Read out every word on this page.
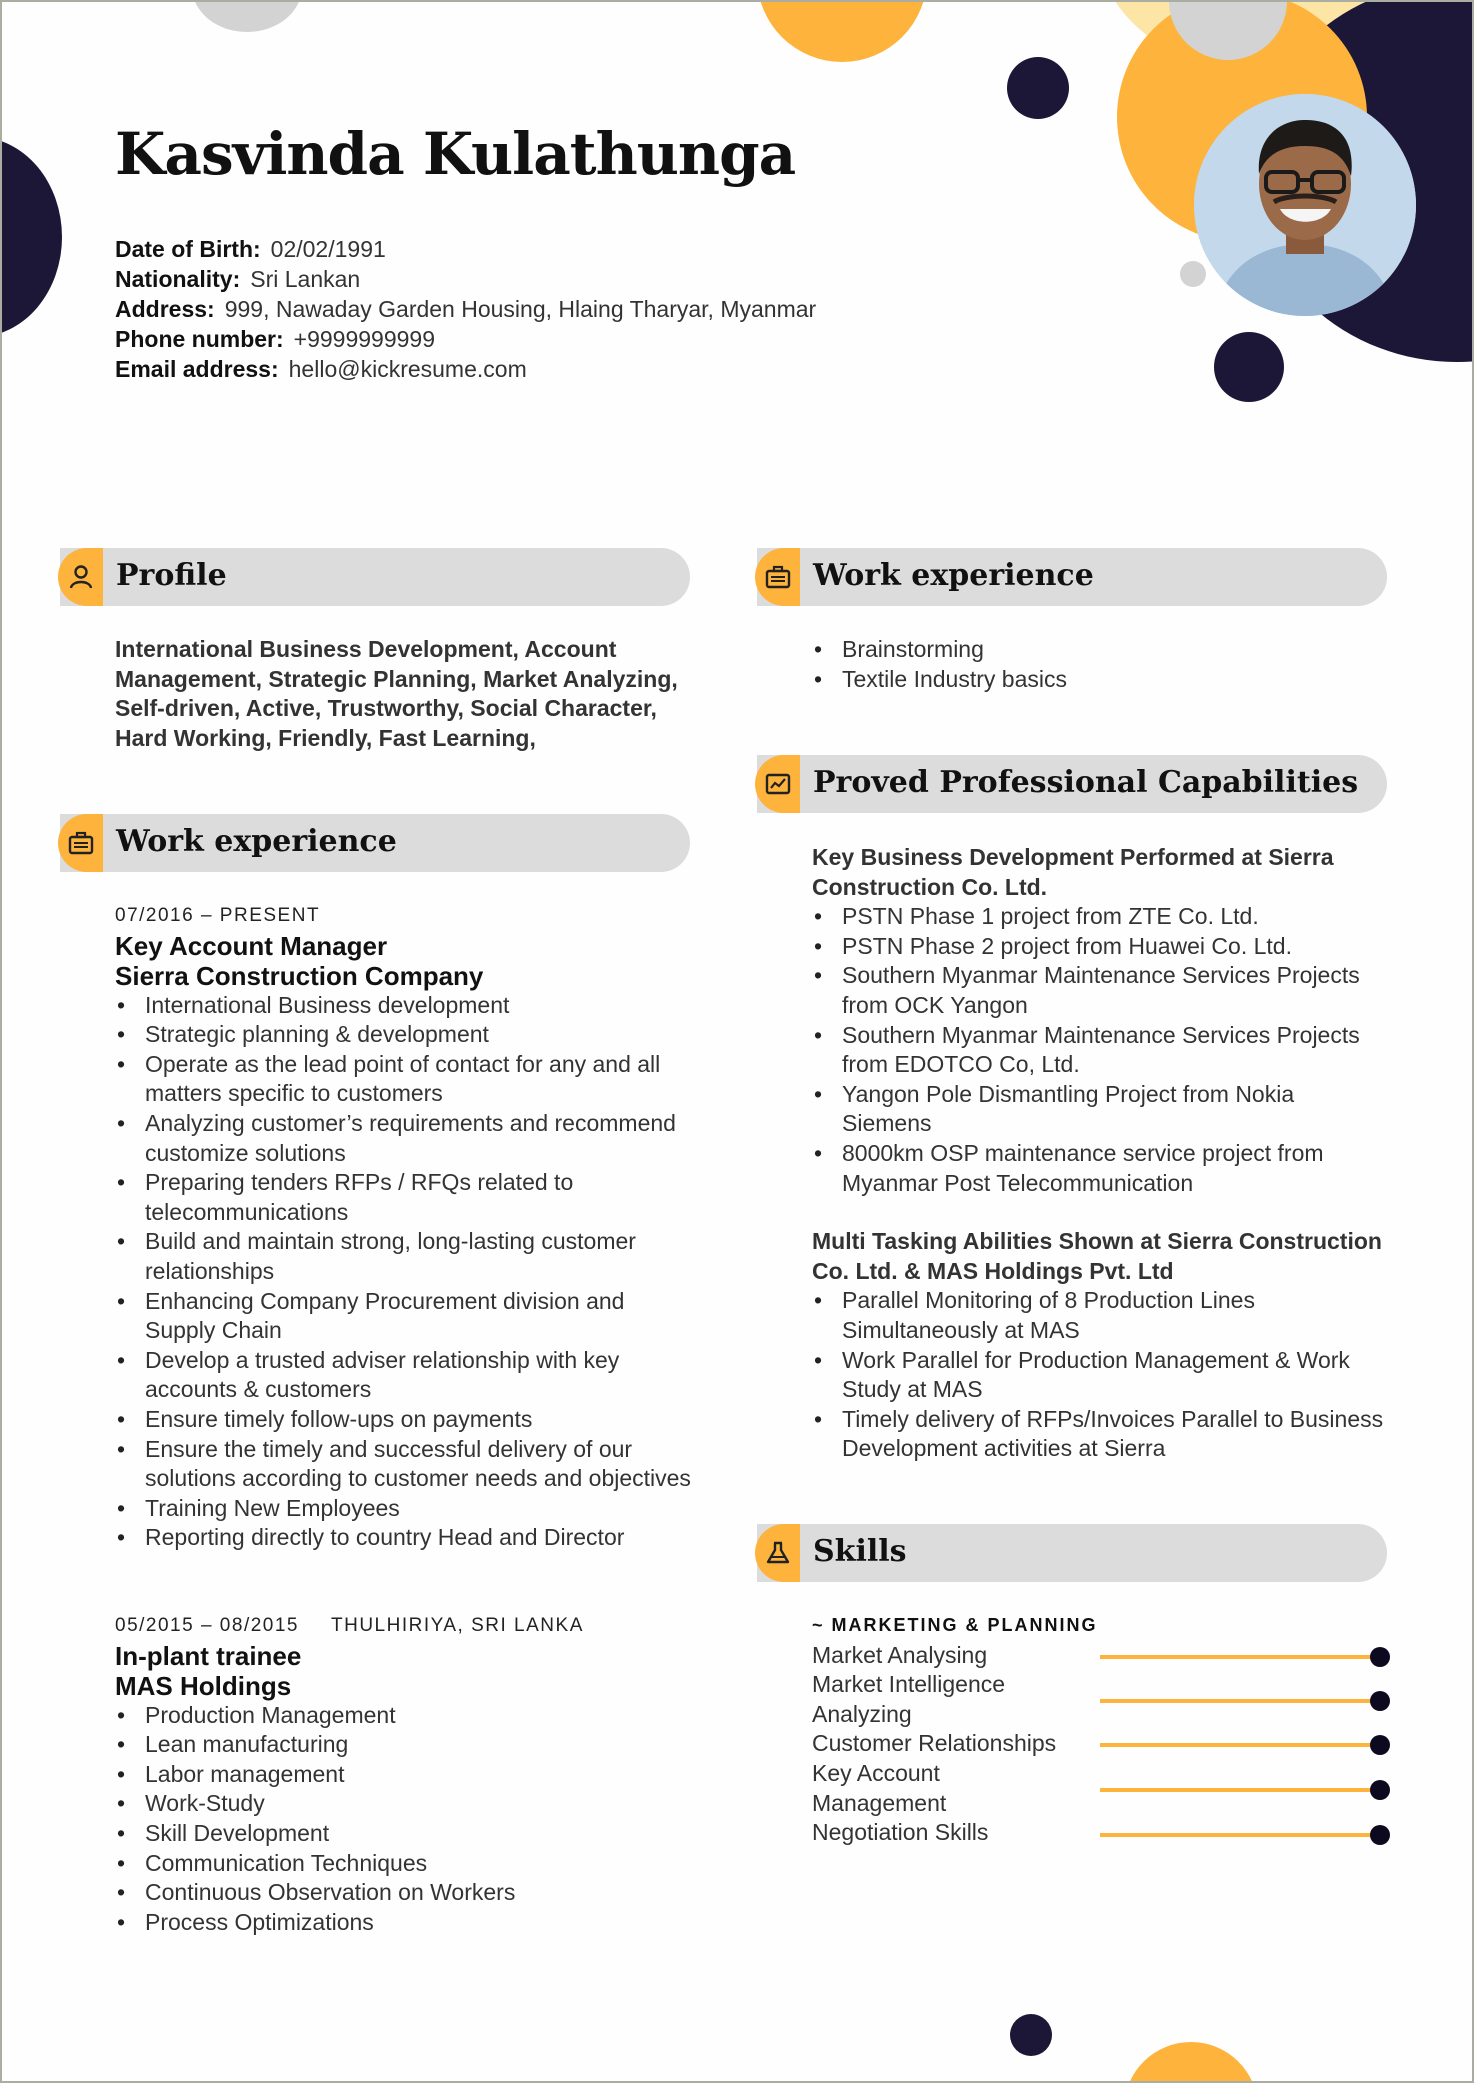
Kasvinda Kulathunga
Date of Birth: 02/02/1991
Nationality: Sri Lankan
Address: 999, Nawaday Garden Housing, Hlaing Tharyar, Myanmar
Phone number: +9999999999
Email address: hello@kickresume.com
Profile
International Business Development, Account Management, Strategic Planning, Market Analyzing, Self-driven, Active, Trustworthy, Social Character, Hard Working, Friendly, Fast Learning,
Work experience
07/2016 – PRESENT
Key Account Manager
Sierra Construction Company
• International Business development
• Strategic planning & development
• Operate as the lead point of contact for any and all matters specific to customers
• Analyzing customer’s requirements and recommend customize solutions
• Preparing tenders RFPs / RFQs related to telecommunications
• Build and maintain strong, long-lasting customer relationships
• Enhancing Company Procurement division and Supply Chain
• Develop a trusted adviser relationship with key accounts & customers
• Ensure timely follow-ups on payments
• Ensure the timely and successful delivery of our solutions according to customer needs and objectives
• Training New Employees
• Reporting directly to country Head and Director
05/2015 – 08/2015 THULHIRIYA, SRI LANKA
In-plant trainee
MAS Holdings
• Production Management
• Lean manufacturing
• Labor management
• Work-Study
• Skill Development
• Communication Techniques
• Continuous Observation on Workers
• Process Optimizations
Work experience
• Brainstorming
• Textile Industry basics
Proved Professional Capabilities
Key Business Development Performed at Sierra Construction Co. Ltd.
• PSTN Phase 1 project from ZTE Co. Ltd.
• PSTN Phase 2 project from Huawei Co. Ltd.
• Southern Myanmar Maintenance Services Projects from OCK Yangon
• Southern Myanmar Maintenance Services Projects from EDOTCO Co, Ltd.
• Yangon Pole Dismantling Project from Nokia Siemens
• 8000km OSP maintenance service project from Myanmar Post Telecommunication
Multi Tasking Abilities Shown at Sierra Construction Co. Ltd. & MAS Holdings Pvt. Ltd
• Parallel Monitoring of 8 Production Lines Simultaneously at MAS
• Work Parallel for Production Management & Work Study at MAS
• Timely delivery of RFPs/Invoices Parallel to Business Development activities at Sierra
Skills
~ MARKETING & PLANNING
Market Analysing
Market Intelligence Analyzing
Customer Relationships
Key Account Management
Negotiation Skills
